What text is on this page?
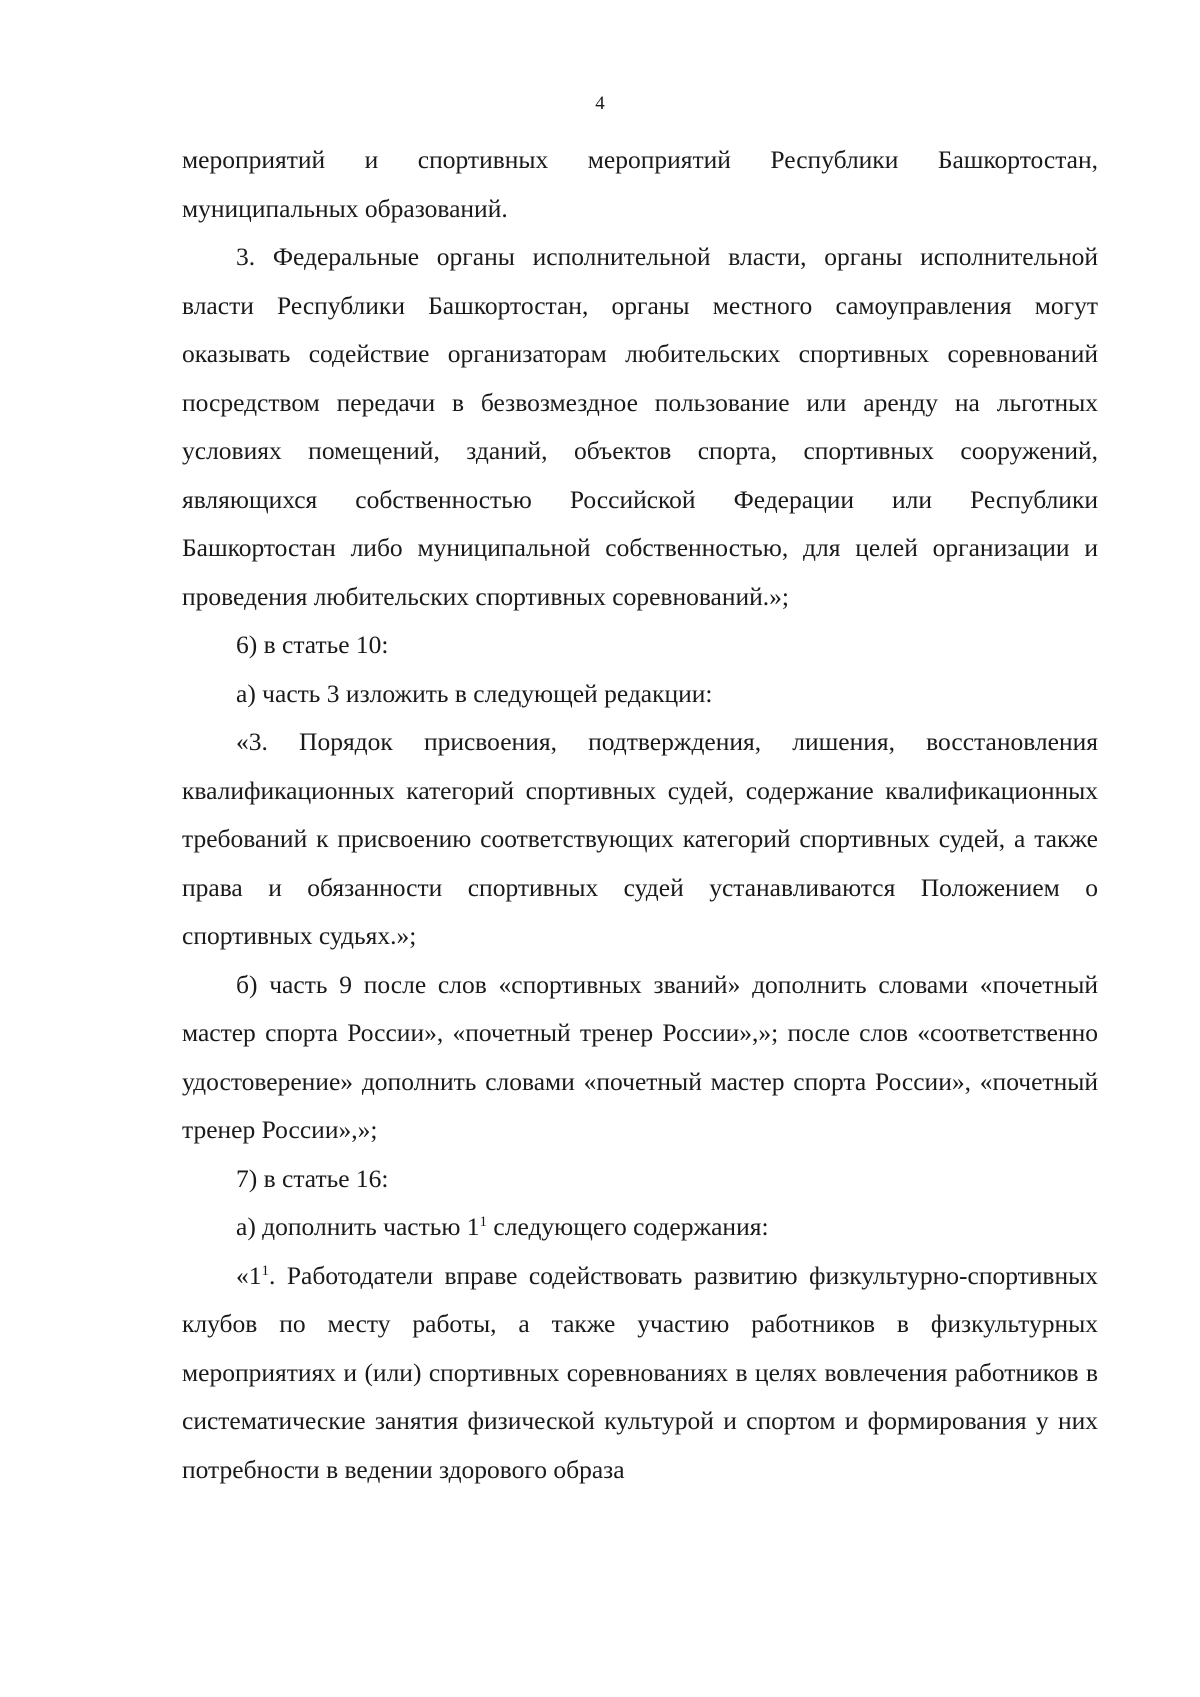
4

мероприятий и спортивных мероприятий Республики Башкортостан, муниципальных образований.

3. Федеральные органы исполнительной власти, органы исполнительной власти Республики Башкортостан, органы местного самоуправления могут оказывать содействие организаторам любительских спортивных соревнований посредством передачи в безвозмездное пользование или аренду на льготных условиях помещений, зданий, объектов спорта, спортивных сооружений, являющихся собственностью Российской Федерации или Республики Башкортостан либо муниципальной собственностью, для целей организации и проведения любительских спортивных соревнований.»;

6) в статье 10:

а) часть 3 изложить в следующей редакции:

«3. Порядок присвоения, подтверждения, лишения, восстановления квалификационных категорий спортивных судей, содержание квалификационных требований к присвоению соответствующих категорий спортивных судей, а также права и обязанности спортивных судей устанавливаются Положением о спортивных судьях.»;

б) часть 9 после слов «спортивных званий» дополнить словами «почетный мастер спорта России», «почетный тренер России»,»; после слов «соответственно удостоверение» дополнить словами «почетный мастер спорта России», «почетный тренер России»,»;

7) в статье 16:

а) дополнить частью $1^1$ следующего содержания:

«$1^1$. Работодатели вправе содействовать развитию физкультурно-спортивных клубов по месту работы, а также участию работников в физкультурных мероприятиях и (или) спортивных соревнованиях в целях вовлечения работников в систематические занятия физической культурой и спортом и формирования у них потребности в ведении здорового образа
